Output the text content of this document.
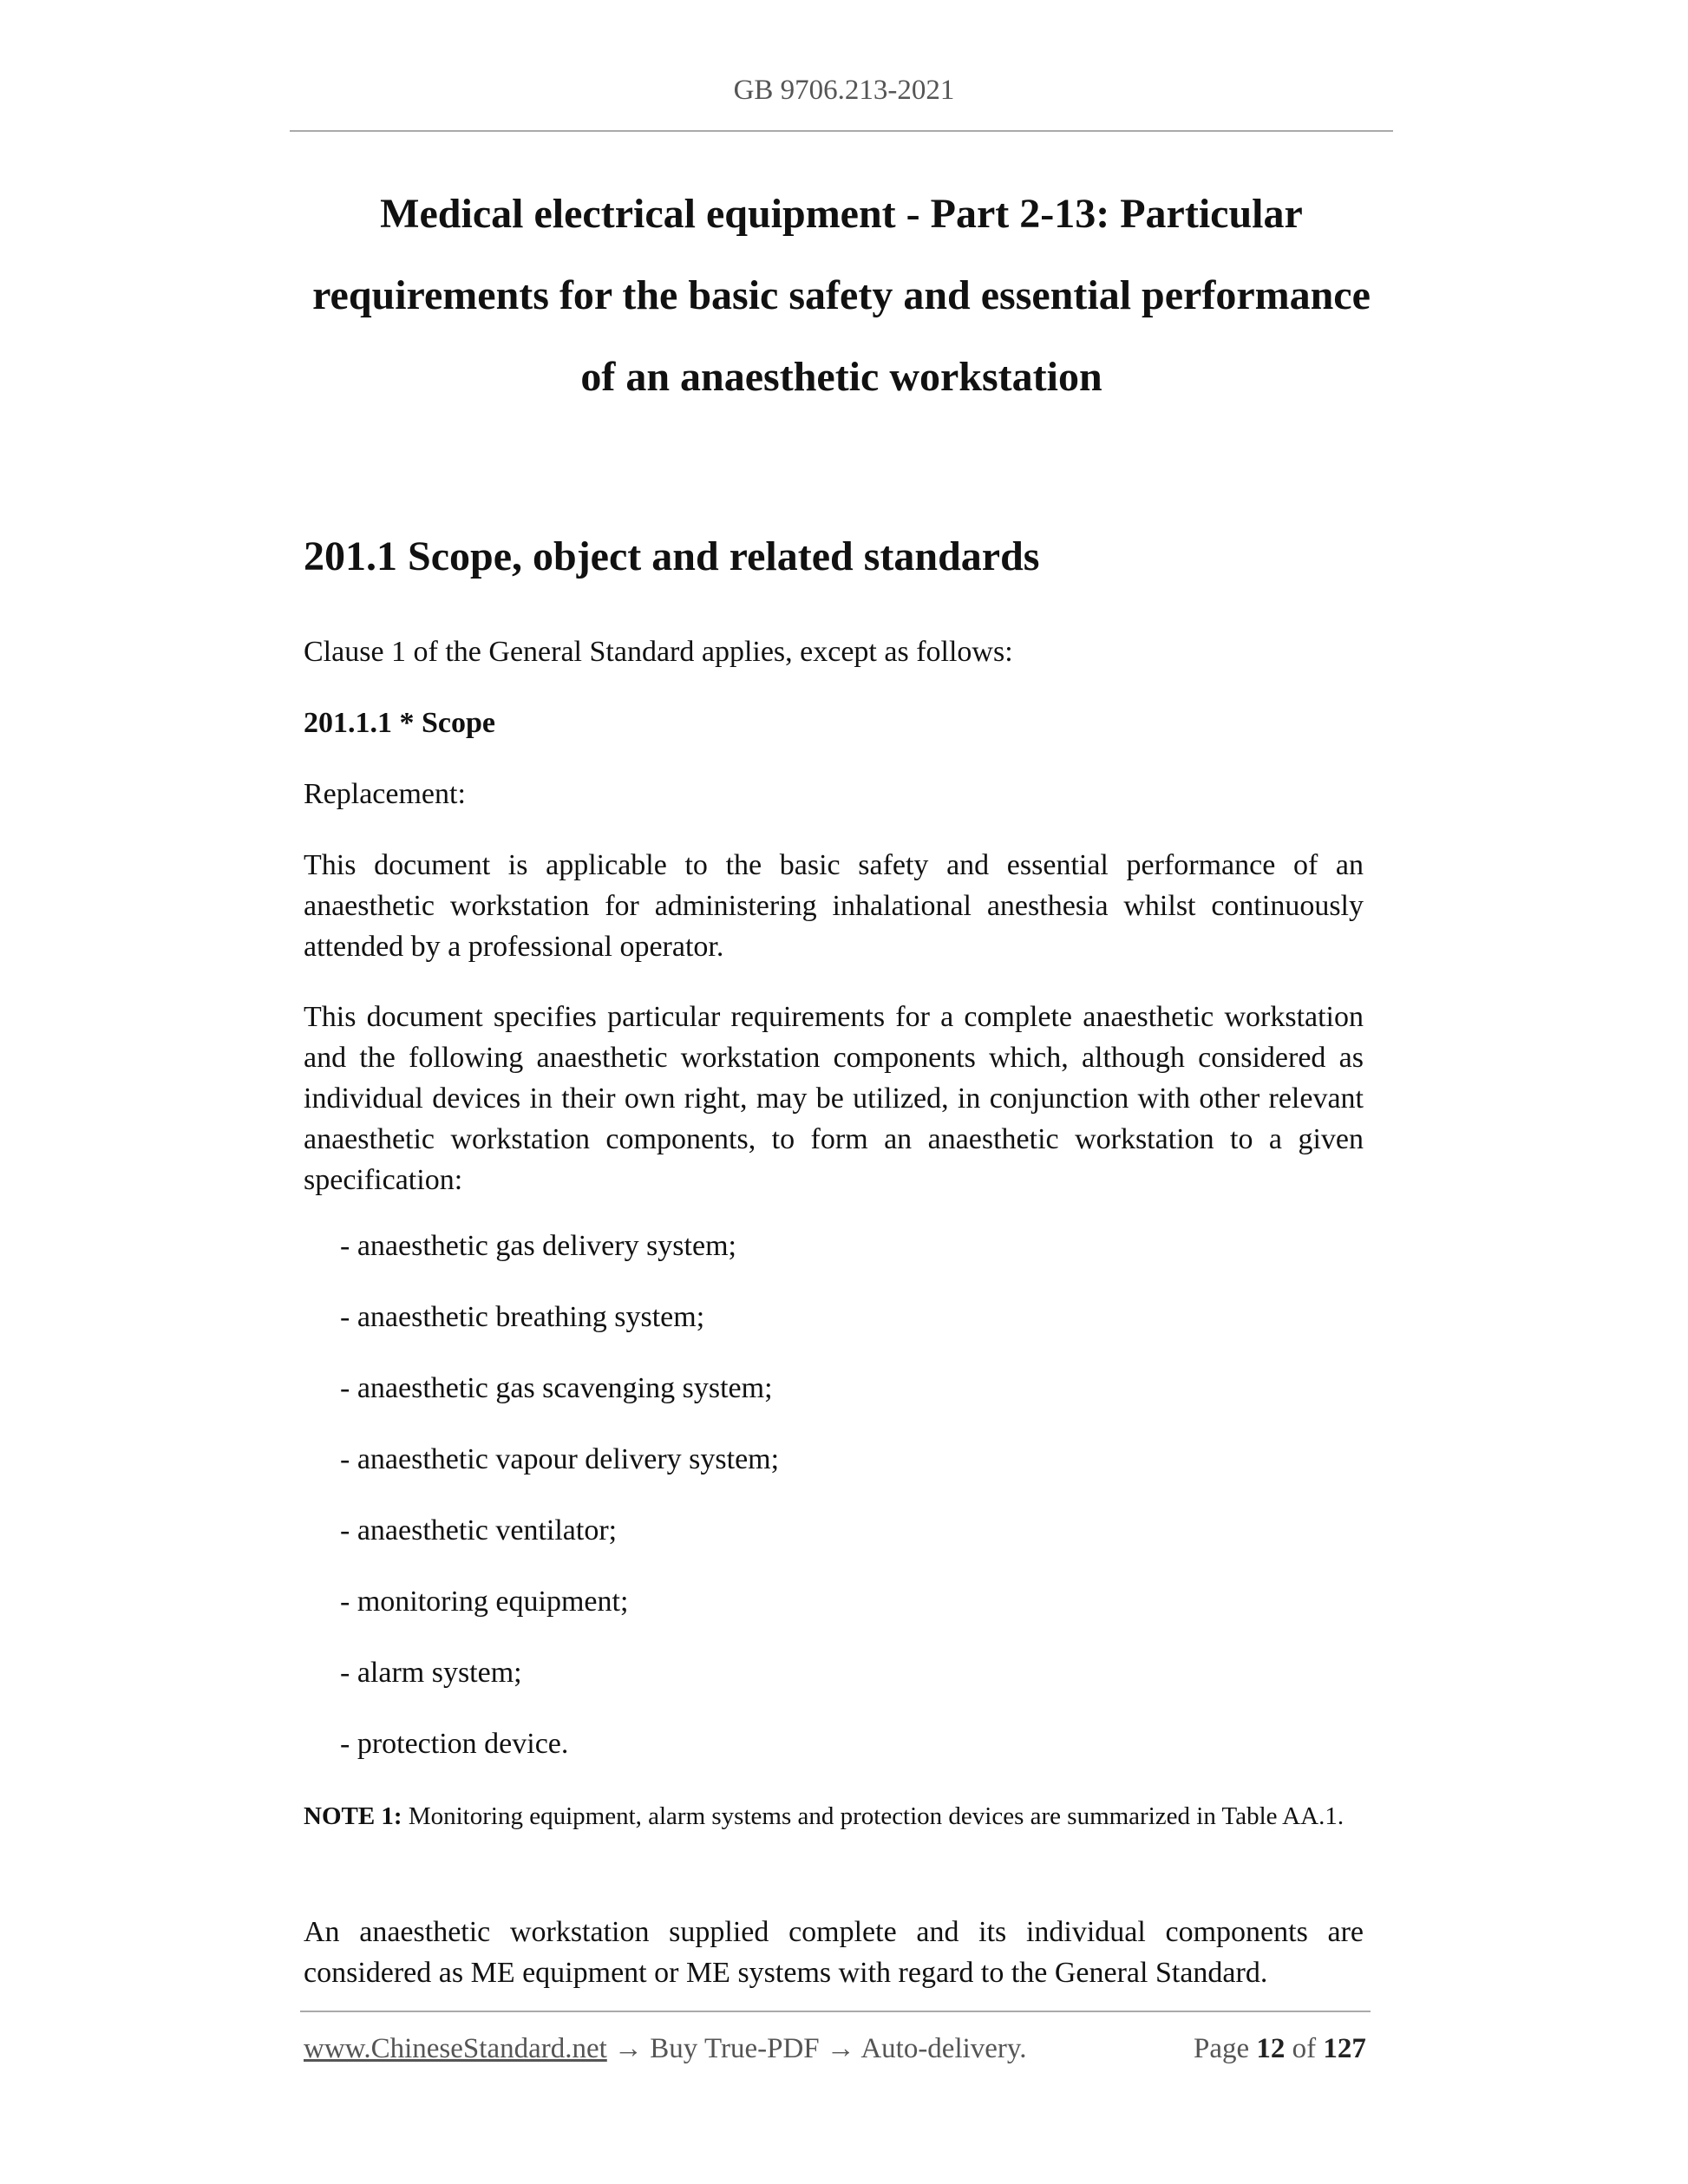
GB 9706.213-2021
Medical electrical equipment - Part 2-13: Particular
requirements for the basic safety and essential performance
of an anaesthetic workstation
201.1 Scope, object and related standards

Clause 1 of the General Standard applies, except as follows:

201.1.1 * Scope

Replacement:

This document is applicable to the basic safety and essential performance of an anaesthetic workstation for administering inhalational anesthesia whilst continuously attended by a professional operator.

This document specifies particular requirements for a complete anaesthetic workstation and the following anaesthetic workstation components which, although considered as individual devices in their own right, may be utilized, in conjunction with other relevant anaesthetic workstation components, to form an anaesthetic workstation to a given specification:

- anaesthetic gas delivery system;
- anaesthetic breathing system;
- anaesthetic gas scavenging system;
- anaesthetic vapour delivery system;
- anaesthetic ventilator;
- monitoring equipment;
- alarm system;
- protection device.

NOTE 1: Monitoring equipment, alarm systems and protection devices are summarized in Table AA.1.

An anaesthetic workstation supplied complete and its individual components are considered as ME equipment or ME systems with regard to the General Standard.

www.ChineseStandard.net → Buy True-PDF → Auto-delivery.	Page 12 of 127
